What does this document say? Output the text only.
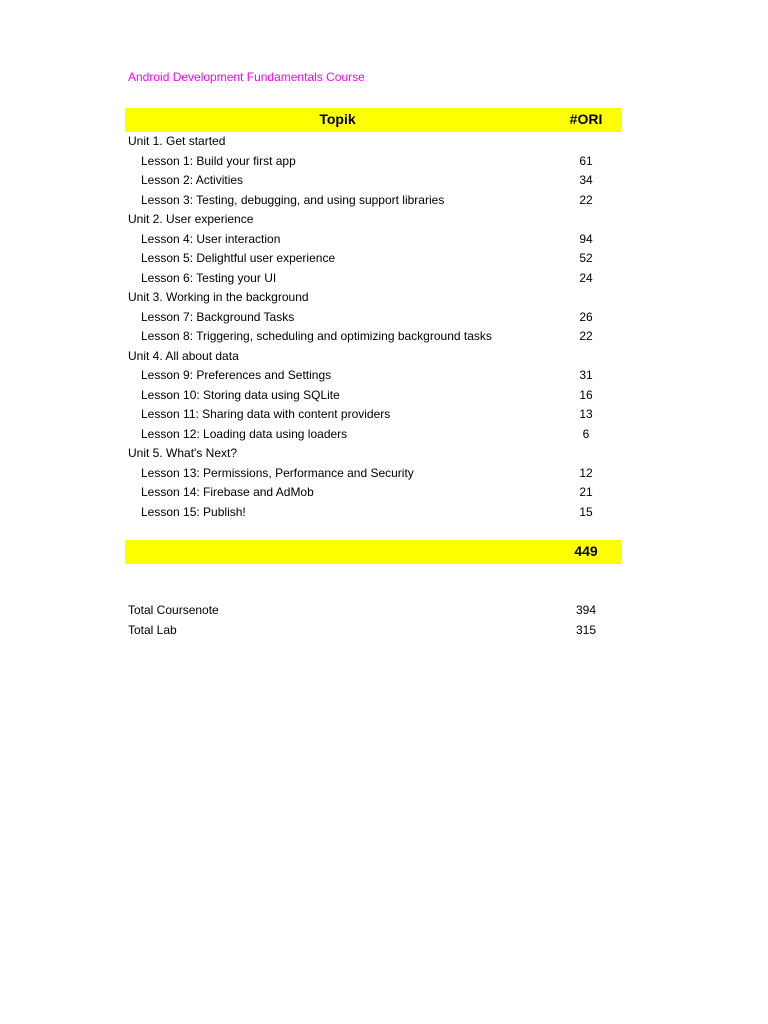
Android Development Fundamentals Course
Topik	#ORI
Unit 1. Get started
Lesson 1: Build your first app	61
Lesson 2: Activities	34
Lesson 3: Testing, debugging, and using support libraries	22
Unit 2. User experience
Lesson 4: User interaction	94
Lesson 5: Delightful user experience	52
Lesson 6: Testing your UI	24
Unit 3. Working in the background
Lesson 7: Background Tasks	26
Lesson 8: Triggering, scheduling and optimizing background tasks	22
Unit 4. All about data
Lesson 9: Preferences and Settings	31
Lesson 10: Storing data using SQLite	16
Lesson 11: Sharing data with content providers	13
Lesson 12: Loading data using loaders	6
Unit 5. What's Next?
Lesson 13: Permissions, Performance and Security	12
Lesson 14: Firebase and AdMob	21
Lesson 15: Publish!	15
449
Total Coursenote	394
Total Lab	315
